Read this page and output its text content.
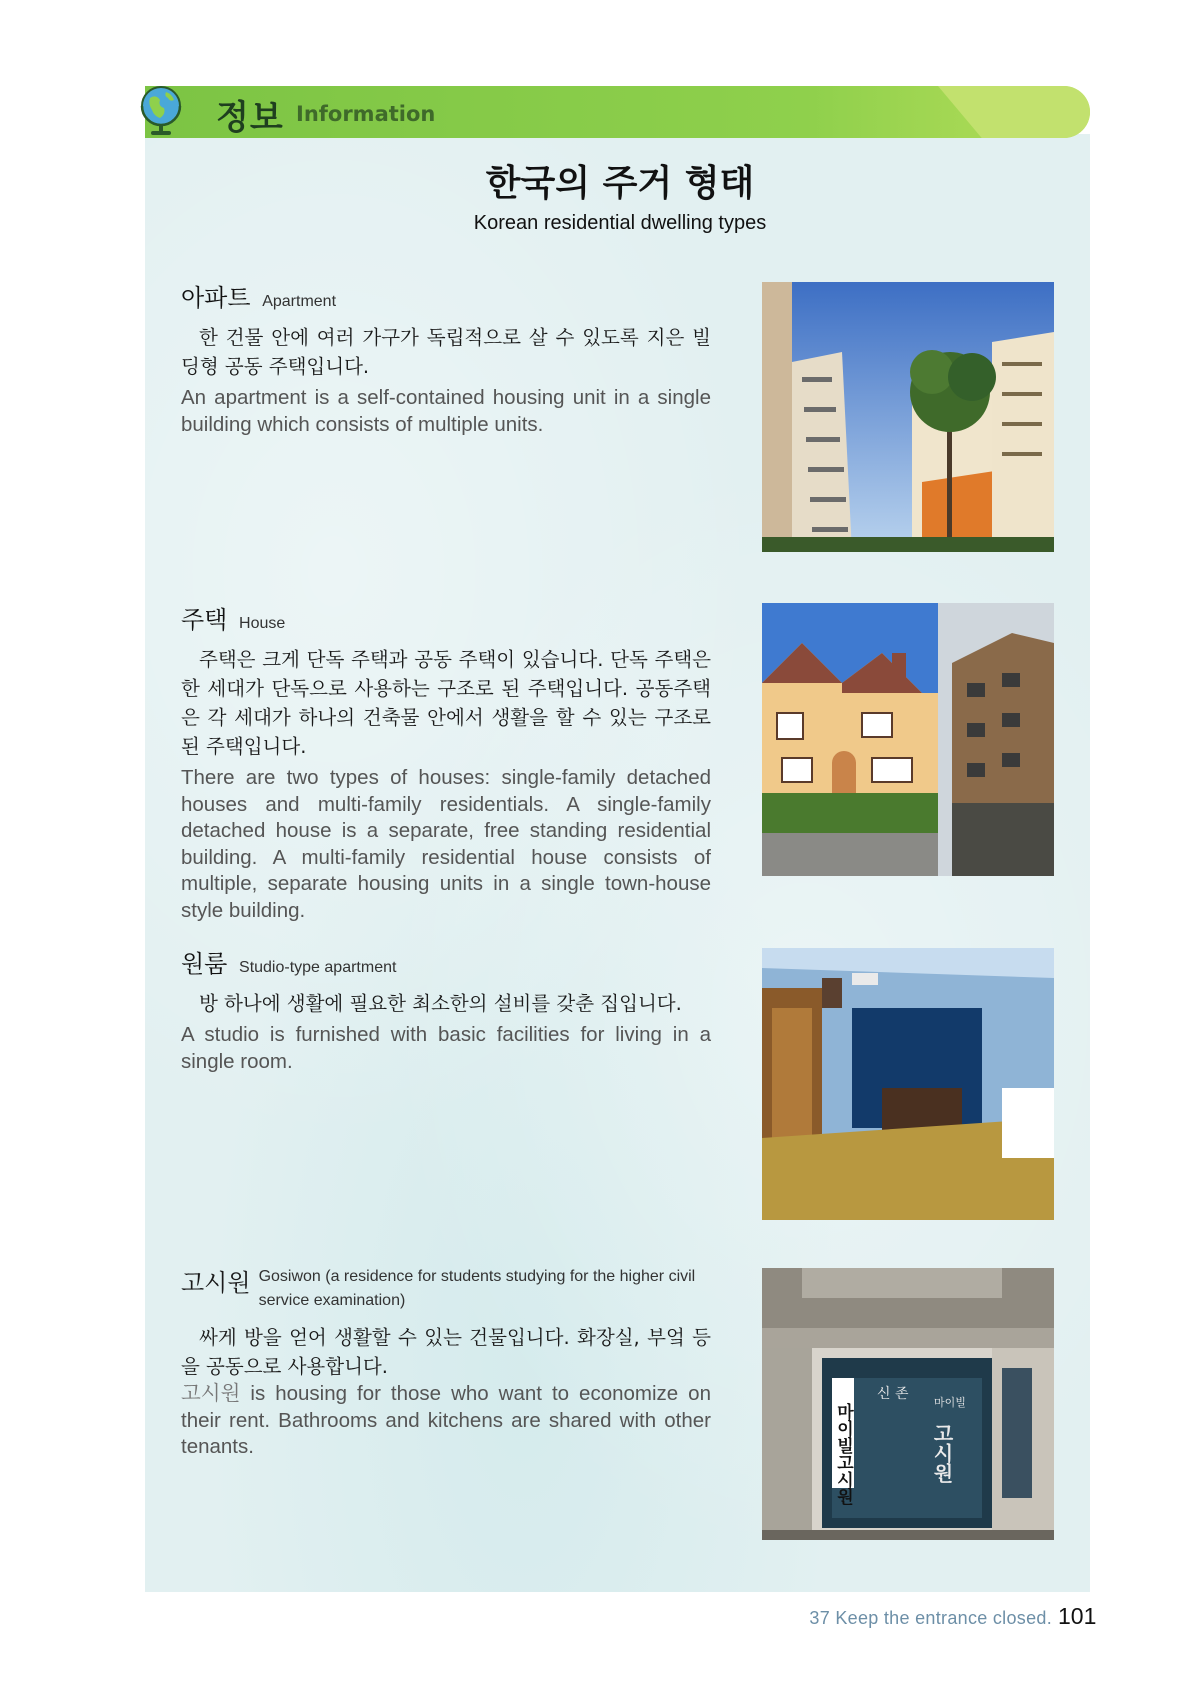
정보 Information
한국의 주거 형태
Korean residential dwelling types
아파트 Apartment

한 건물 안에 여러 가구가 독립적으로 살 수 있도록 지은 빌딩형 공동 주택입니다.

An apartment is a self-contained housing unit in a single building which consists of multiple units.

주택 House

주택은 크게 단독 주택과 공동 주택이 있습니다. 단독 주택은 한 세대가 단독으로 사용하는 구조로 된 주택입니다. 공동주택은 각 세대가 하나의 건축물 안에서 생활을 할 수 있는 구조로 된 주택입니다.

There are two types of houses: single-family detached houses and multi-family residentials. A single-family detached house is a separate, free standing residential building. A multi-family residential house consists of multiple, separate housing units in a single town-house style building.

원룸 Studio-type apartment

방 하나에 생활에 필요한 최소한의 설비를 갖춘 집입니다.

A studio is furnished with basic facilities for living in a single room.

고시원 Gosiwon (a residence for students studying for the higher civil service examination)

싸게 방을 얻어 생활할 수 있는 건물입니다. 화장실, 부엌 등을 공동으로 사용합니다.

고시원 is housing for those who want to economize on their rent. Bathrooms and kitchens are shared with other tenants.	마이빌고시원
신 존
마이빌
고시원
37 Keep the entrance closed. 101
